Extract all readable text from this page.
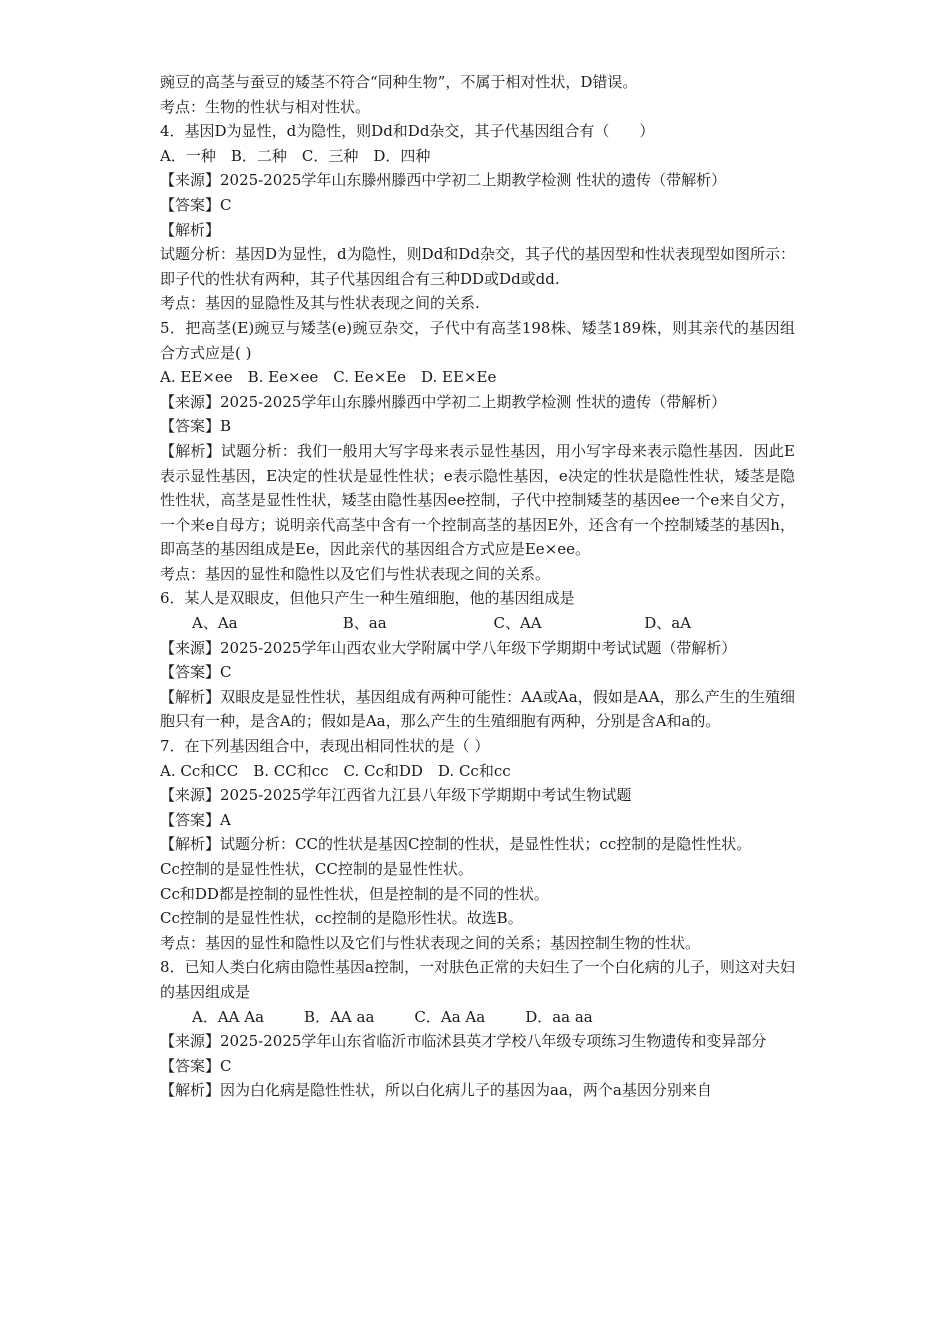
豌豆的高茎与蚕豆的矮茎不符合“同种生物”，不属于相对性状，D错误。
考点：生物的性状与相对性状。
4．基因D为显性，d为隐性，则Dd和Dd杂交，其子代基因组合有（　　）
A．一种　B．二种　C．三种　D．四种
【来源】2025-2025学年山东滕州滕西中学初二上期教学检测 性状的遗传（带解析）
【答案】C
【解析】
试题分析：基因D为显性，d为隐性，则Dd和Dd杂交，其子代的基因型和性状表现型如图所示：即子代的性状有两种，其子代基因组合有三种DD或Dd或dd.
考点：基因的显隐性及其与性状表现之间的关系.
5．把高茎(E)豌豆与矮茎(e)豌豆杂交，子代中有高茎198株、矮茎189株，则其亲代的基因组合方式应是( )
A. EE×ee　B. Ee×ee　C. Ee×Ee　D. EE×Ee
【来源】2025-2025学年山东滕州滕西中学初二上期教学检测 性状的遗传（带解析）
【答案】B
【解析】试题分析：我们一般用大写字母来表示显性基因，用小写字母来表示隐性基因．因此E表示显性基因，E决定的性状是显性性状；e表示隐性基因，e决定的性状是隐性性状，矮茎是隐性性状，高茎是显性性状，矮茎由隐性基因ee控制，子代中控制矮茎的基因ee一个e来自父方，一个来e自母方；说明亲代高茎中含有一个控制高茎的基因E外，还含有一个控制矮茎的基因h，即高茎的基因组成是Ee，因此亲代的基因组合方式应是Ee×ee。
考点：基因的显性和隐性以及它们与性状表现之间的关系。
6．某人是双眼皮，但他只产生一种生殖细胞，他的基因组成是
A、Aa	B、aa	C、AA	D、aA
【来源】2025-2025学年山西农业大学附属中学八年级下学期期中考试试题（带解析）
【答案】C
【解析】双眼皮是显性性状，基因组成有两种可能性：AA或Aa，假如是AA，那么产生的生殖细胞只有一种，是含A的；假如是Aa，那么产生的生殖细胞有两种，分别是含A和a的。
7．在下列基因组合中，表现出相同性状的是（ ）
A. Cc和CC　B. CC和cc　C. Cc和DD　D. Cc和cc
【来源】2025-2025学年江西省九江县八年级下学期期中考试生物试题
【答案】A
【解析】试题分析：CC的性状是基因C控制的性状，是显性性状；cc控制的是隐性性状。
Cc控制的是显性性状，CC控制的是显性性状。
Cc和DD都是控制的显性性状，但是控制的是不同的性状。
Cc控制的是显性性状，cc控制的是隐形性状。故选B。
考点：基因的显性和隐性以及它们与性状表现之间的关系；基因控制生物的性状。
8．已知人类白化病由隐性基因a控制，一对肤色正常的夫妇生了一个白化病的儿子，则这对夫妇的基因组成是
A．AA Aa	B．AA aa	C．Aa Aa	D．aa aa
【来源】2025-2025学年山东省临沂市临沭县英才学校八年级专项练习生物遗传和变异部分
【答案】C
【解析】因为白化病是隐性性状，所以白化病儿子的基因为aa，两个a基因分别来自
